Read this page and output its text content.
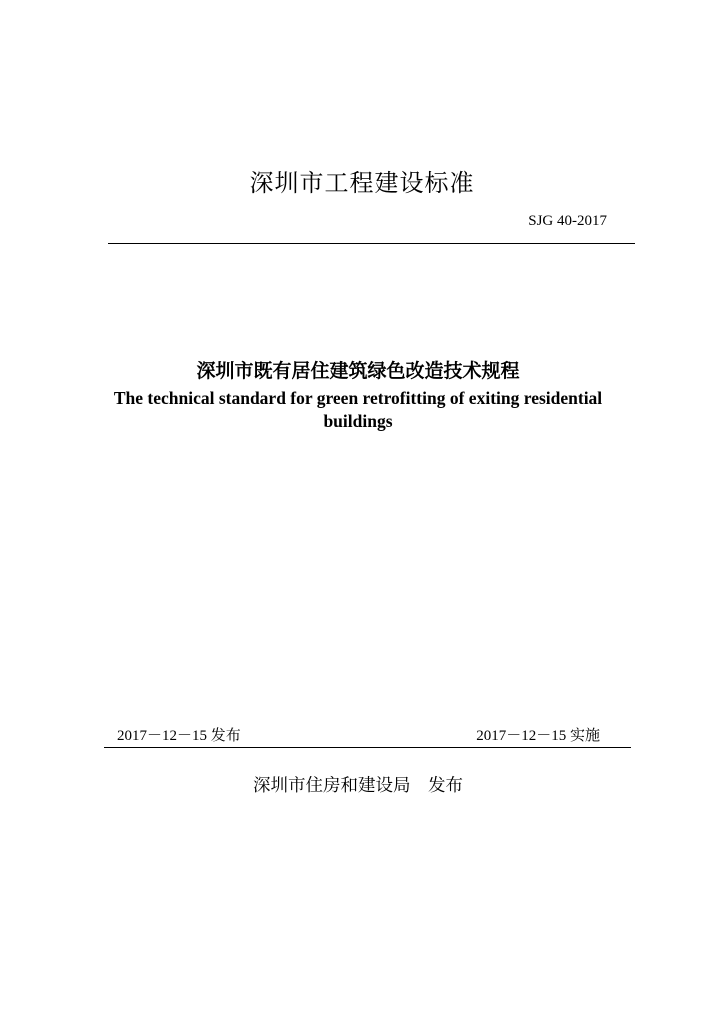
深圳市工程建设标准
SJG 40-2017
深圳市既有居住建筑绿色改造技术规程
The technical standard for green retrofitting of exiting residential buildings
2017－12－15 发布	2017－12－15 实施
深圳市住房和建设局　发布
